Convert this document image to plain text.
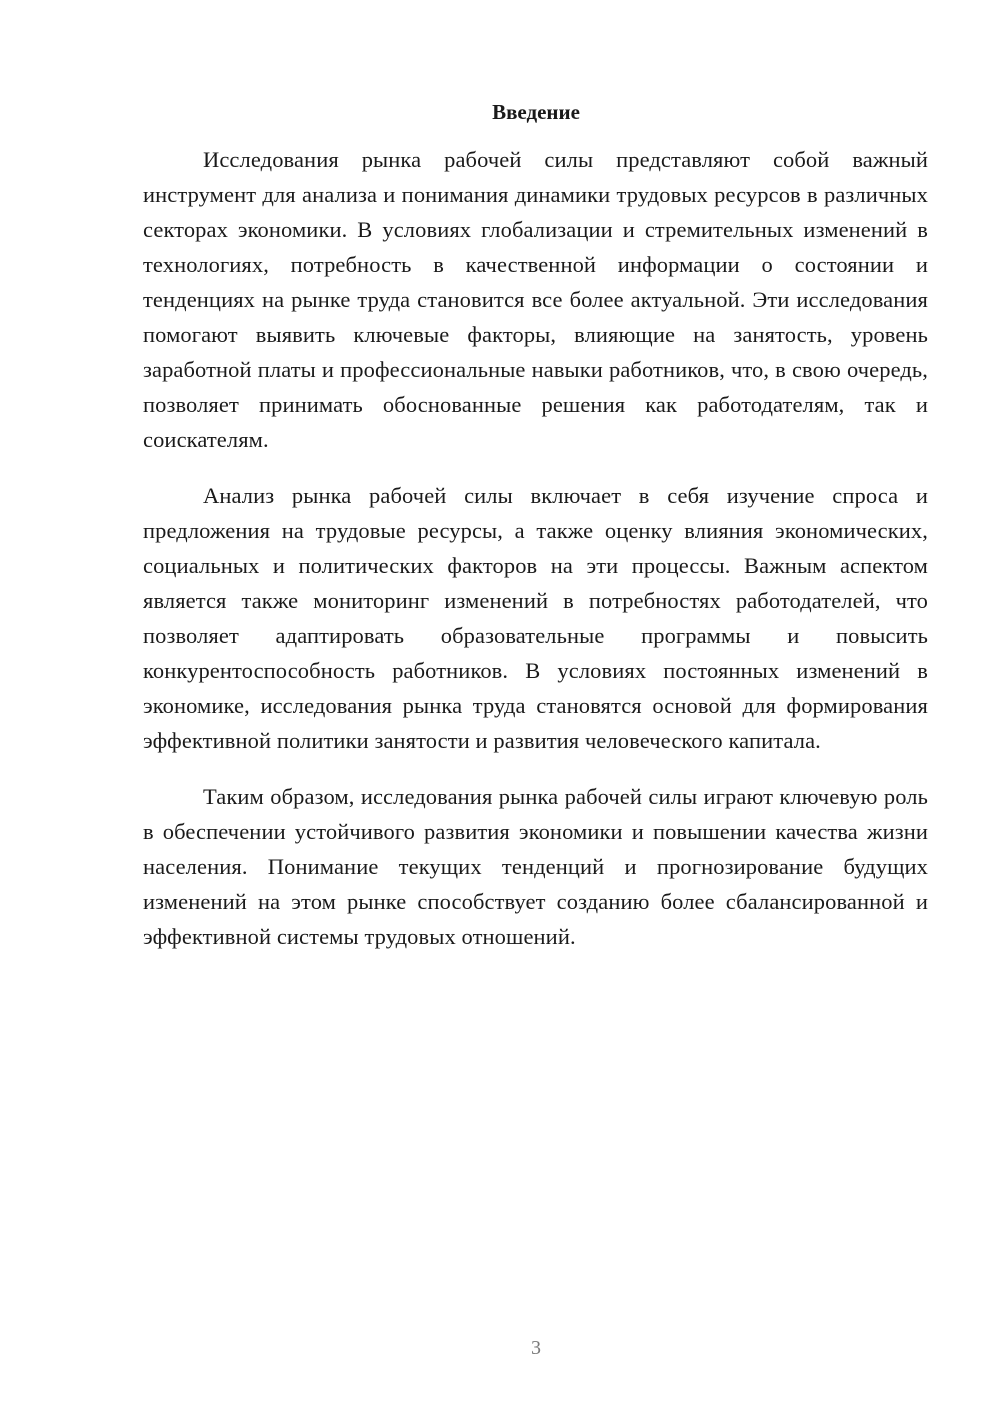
Введение

Исследования рынка рабочей силы представляют собой важный инструмент для анализа и понимания динамики трудовых ресурсов в различных секторах экономики. В условиях глобализации и стремительных изменений в технологиях, потребность в качественной информации о состоянии и тенденциях на рынке труда становится все более актуальной. Эти исследования помогают выявить ключевые факторы, влияющие на занятость, уровень заработной платы и профессиональные навыки работников, что, в свою очередь, позволяет принимать обоснованные решения как работодателям, так и соискателям.

Анализ рынка рабочей силы включает в себя изучение спроса и предложения на трудовые ресурсы, а также оценку влияния экономических, социальных и политических факторов на эти процессы. Важным аспектом является также мониторинг изменений в потребностях работодателей, что позволяет адаптировать образовательные программы и повысить конкурентоспособность работников. В условиях постоянных изменений в экономике, исследования рынка труда становятся основой для формирования эффективной политики занятости и развития человеческого капитала.

Таким образом, исследования рынка рабочей силы играют ключевую роль в обеспечении устойчивого развития экономики и повышении качества жизни населения. Понимание текущих тенденций и прогнозирование будущих изменений на этом рынке способствует созданию более сбалансированной и эффективной системы трудовых отношений.

3
